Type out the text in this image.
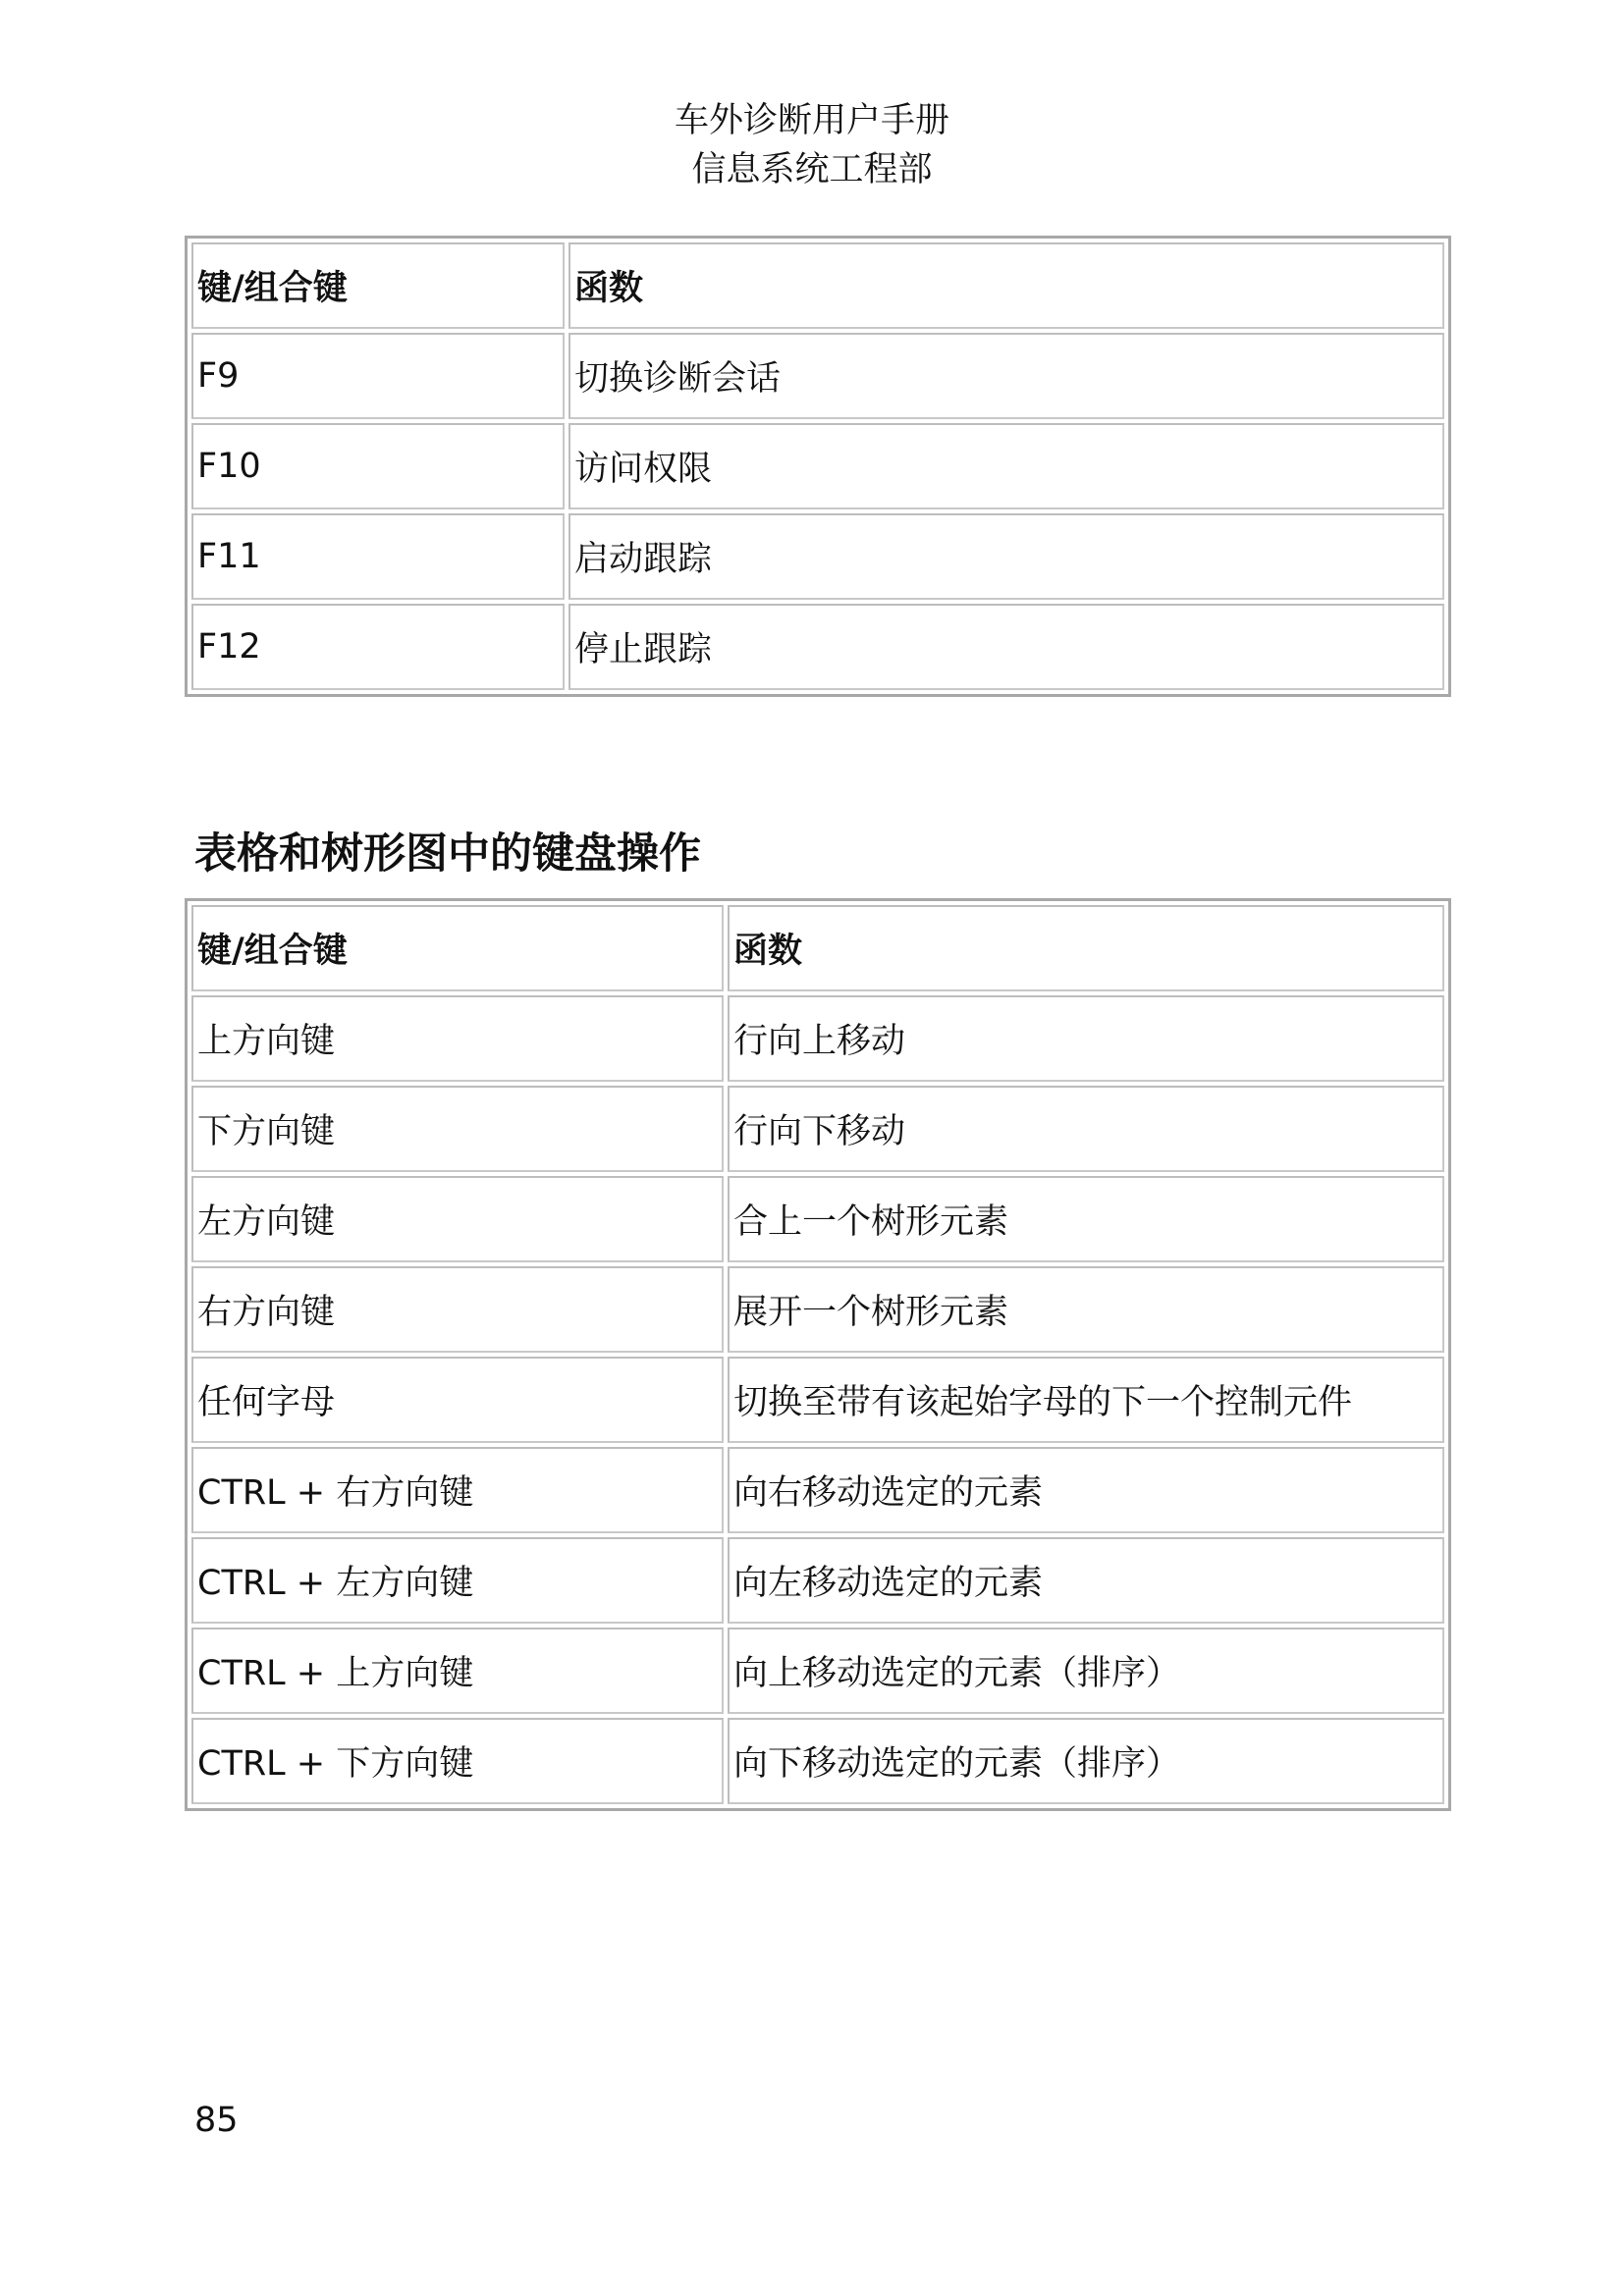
车外诊断用户手册
信息系统工程部
键/组合键	函数
F9	切换诊断会话
F10	访问权限
F11	启动跟踪
F12	停止跟踪
表格和树形图中的键盘操作
键/组合键	函数
上方向键	行向上移动
下方向键	行向下移动
左方向键	合上一个树形元素
右方向键	展开一个树形元素
任何字母	切换至带有该起始字母的下一个控制元件
CTRL + 右方向键	向右移动选定的元素
CTRL + 左方向键	向左移动选定的元素
CTRL + 上方向键	向上移动选定的元素（排序）
CTRL + 下方向键	向下移动选定的元素（排序）
85
